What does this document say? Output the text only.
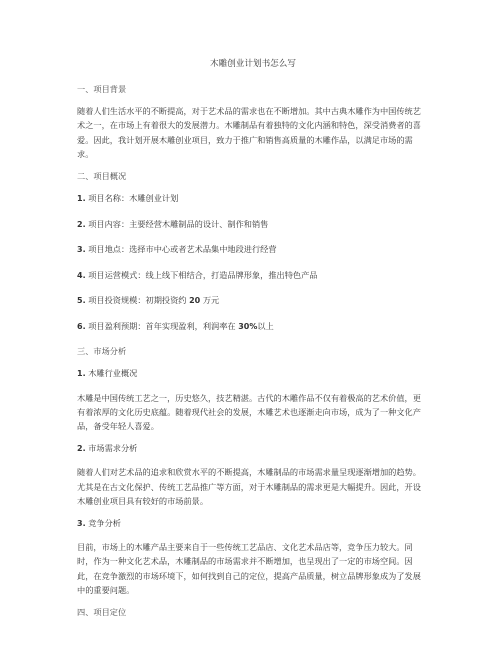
木雕创业计划书怎么写
一、项目背景
随着人们生活水平的不断提高，对于艺术品的需求也在不断增加。其中古典木雕作为中国传统艺术之一，在市场上有着很大的发展潜力。木雕制品有着独特的文化内涵和特色，深受消费者的喜爱。因此，我计划开展木雕创业项目，致力于推广和销售高质量的木雕作品，以满足市场的需求。
二、项目概况
1. 项目名称：木雕创业计划
2. 项目内容：主要经营木雕制品的设计、制作和销售
3. 项目地点：选择市中心或者艺术品集中地段进行经营
4. 项目运营模式：线上线下相结合，打造品牌形象，推出特色产品
5. 项目投资规模：初期投资约 20 万元
6. 项目盈利预期：首年实现盈利，利润率在 30%以上
三、市场分析
1. 木雕行业概况
木雕是中国传统工艺之一，历史悠久，技艺精湛。古代的木雕作品不仅有着极高的艺术价值，更有着浓厚的文化历史底蕴。随着现代社会的发展，木雕艺术也逐渐走向市场，成为了一种文化产品，备受年轻人喜爱。
2. 市场需求分析
随着人们对艺术品的追求和欣赏水平的不断提高，木雕制品的市场需求量呈现逐渐增加的趋势。尤其是在古文化保护、传统工艺品推广等方面，对于木雕制品的需求更是大幅提升。因此，开设木雕创业项目具有较好的市场前景。
3. 竞争分析
目前，市场上的木雕产品主要来自于一些传统工艺品店、文化艺术品店等，竞争压力较大。同时，作为一种文化艺术品，木雕制品的市场需求并不断增加，也呈现出了一定的市场空间。因此，在竞争激烈的市场环境下，如何找到自己的定位，提高产品质量，树立品牌形象成为了发展中的重要问题。
四、项目定位
